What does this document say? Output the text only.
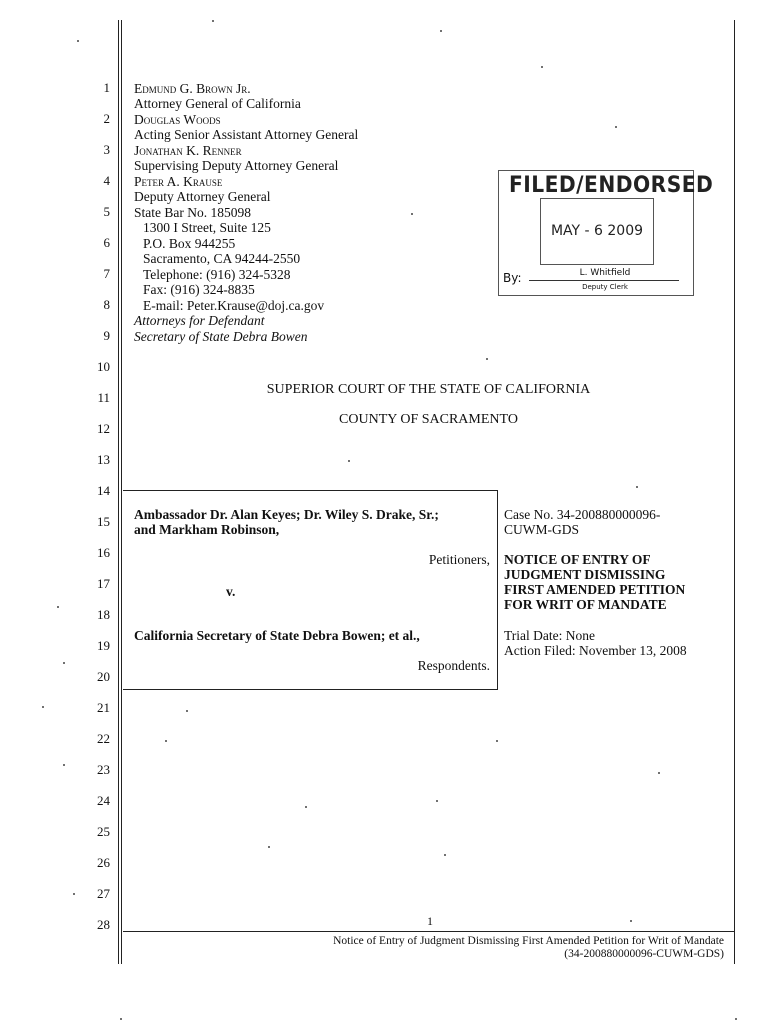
1
2
3
4
5
6
7
8
9
10
11
12
13
14
15
16
17
18
19
20
21
22
23
24
25
26
27
28
Edmund G. Brown Jr.
Attorney General of California
Douglas Woods
Acting Senior Assistant Attorney General
Jonathan K. Renner
Supervising Deputy Attorney General
Peter A. Krause
Deputy Attorney General
State Bar No. 185098
1300 I Street, Suite 125
P.O. Box 944255
Sacramento, CA 94244-2550
Telephone: (916) 324-5328
Fax: (916) 324-8835
E-mail: Peter.Krause@doj.ca.gov
Attorneys for Defendant
Secretary of State Debra Bowen
FILED/ENDORSED
MAY - 6 2009
By:	L. Whitfield
Deputy Clerk
SUPERIOR COURT OF THE STATE OF CALIFORNIA
COUNTY OF SACRAMENTO
Ambassador Dr. Alan Keyes; Dr. Wiley S. Drake, Sr.;
and Markham Robinson,
Petitioners,
v.
California Secretary of State Debra Bowen; et al.,
Respondents.
Case No. 34-200880000096-
CUWM-GDS
NOTICE OF ENTRY OF
JUDGMENT DISMISSING
FIRST AMENDED PETITION
FOR WRIT OF MANDATE
Trial Date: None
Action Filed: November 13, 2008
1
Notice of Entry of Judgment Dismissing First Amended Petition for Writ of Mandate
(34-200880000096-CUWM-GDS)
